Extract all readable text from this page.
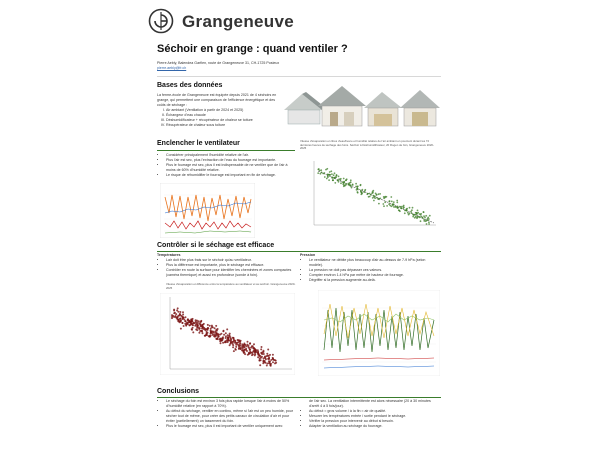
Grangeneuve
Séchoir en grange : quand ventiler ?
Pierre Aebly, Balendea Garfien, route de Grangeneuve 31, CH-1725 Posieux
pierre.aebly@fr.ch
Bases des données
La ferme-école de Grangeneuve est équipée depuis 2021 de 4 séchoirs en grange, qui permettent une comparaison de l'efficience énergétique et des coûts de séchage :
I. Air ambiant (Ventilation à partir de 2024 et 2025)
II. Échangeur d'eau chaude
III. Déshumidificateur + récupérateur de chaleur se toiture
IV. Récupérateur de chaleur sous toiture
Enclencher le ventilateur
• Considérer principalement l'humidité relative de l'air.
• Plus l'air est sec, plus l'extraction de l'eau du fourrage est importante.
• Plus le fourrage est sec, plus il est indispensable de ne ventiler que de l'air à moins de 60% d'humidité relative.
• Le risque de réhumidifier le fourrage est important en fin de séchage.
Vitesse d'évaporation en litres d'eau/heure et humidité relative de l'air ambiant en pourcent durant les 72 dernières heures de séchage des foins. Séchoir à Déshumidificateur, 20 Rogen de foin, Grangeneuve 2020-2025
Contrôler si le séchage est efficace
Températures
• Lair doit être plus frais sur le séchoir qu'au ventilateur.
• Plus la différence est importante, plus le séchage est efficace.
• Contrôler en route la surface pour identifier les cheminées et zones compactes (caméra thermique) et aussi en profondeur (sonde à foin).
Vitesse d'évaporation et différence entre la température au ventilateur et au séchoir. Grangeneuve 2020-2025
Pression
• Le ventilateur ne débite plus beaucoup d'air au-dessus de 7-9 hPa (selon modèle).
• La pression ne doit pas dépasser ces valeurs.
• Compter environ 1.4 hPa par mètre de hauteur de fourrage.
• Dégriffer si la pression augmente au-delà.
Conclusions
• Le séchage du foin est environ 3 fois plus rapide lorsque l'air à moins de 50% d'humidité relative (en rapport à 70%).
• Au début du séchage, ventiler en continu, même si l'air est un peu humide, pour sécher tout de même, pour créer des petits canaux de circulation d'air et pour éviter (partiellement) un tassement du foin.
• Plus le fourrage est sec, plus il est important de ventiler uniquement avec
de l'air sec. La ventilation intermittente est alors nécessaire (20 à 30 minutes d'arrêt 4 à 5 fois/jour).
• Au début ≈ gros volume / à la fin ≈ air de qualité.
• Mesurer les températures entrée / sortie pendant le séchage.
• Vérifier la pression pour intervenir au début si besoin.
• Adapter la ventilation au séchage du fourrage.
